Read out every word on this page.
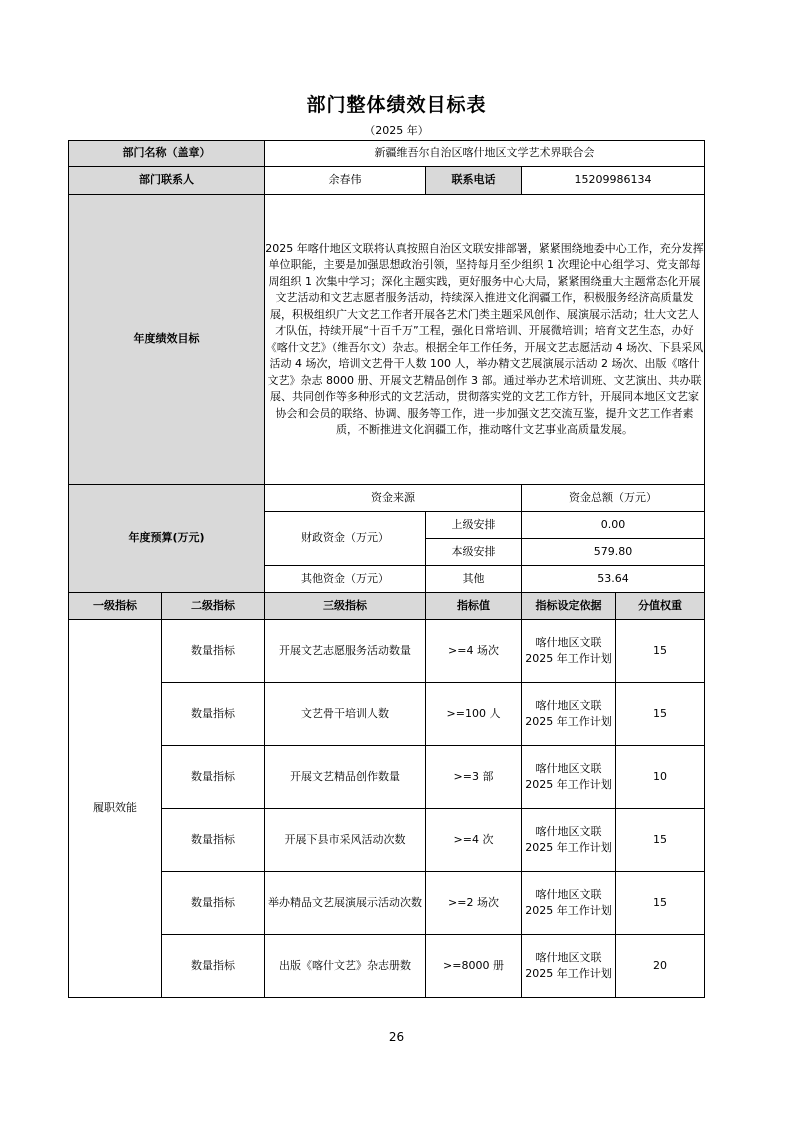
部门整体绩效目标表
（2025 年）
部门名称（盖章）		新疆维吾尔自治区喀什地区文学艺术界联合会			
部门联系人		余春伟	联系电话	15209986134	
年度绩效目标		2025 年喀什地区文联将认真按照自治区文联安排部署，紧紧围绕地委中心工作，充分发挥单位职能，主要是加强思想政治引领，坚持每月至少组织 1 次理论中心组学习、党支部每周组织 1 次集中学习；深化主题实践，更好服务中心大局，紧紧围绕重大主题常态化开展文艺活动和文艺志愿者服务活动，持续深入推进文化润疆工作，积极服务经济高质量发展，积极组织广大文艺工作者开展各艺术门类主题采风创作、展演展示活动；壮大文艺人才队伍，持续开展“十百千万”工程，强化日常培训、开展微培训；培育文艺生态，办好《喀什文艺》（维吾尔文）杂志。根据全年工作任务，开展文艺志愿活动 4 场次、下县采风活动 4 场次，培训文艺骨干人数 100 人，举办精文艺展演展示活动 2 场次、出版《喀什文艺》杂志 8000 册、开展文艺精品创作 3 部。通过举办艺术培训班、文艺演出、共办联展、共同创作等多种形式的文艺活动，贯彻落实党的文艺工作方针，开展同本地区文艺家协会和会员的联络、协调、服务等工作，进一步加强文艺交流互鉴，提升文艺工作者素质，不断推进文化润疆工作，推动喀什文艺事业高质量发展。			
年度预算(万元)		资金来源		资金总额（万元）	
		财政资金（万元）	上级安排	0.00	
			本级安排	579.80	
		其他资金（万元）	其他	53.64	
一级指标	二级指标	三级指标	指标值	指标设定依据	分值权重
履职效能	数量指标	开展文艺志愿服务活动数量	>=4 场次	喀什地区文联 2025 年工作计划	15
	数量指标	文艺骨干培训人数	>=100 人	喀什地区文联 2025 年工作计划	15
	数量指标	开展文艺精品创作数量	>=3 部	喀什地区文联 2025 年工作计划	10
	数量指标	开展下县市采风活动次数	>=4 次	喀什地区文联 2025 年工作计划	15
	数量指标	举办精品文艺展演展示活动次数	>=2 场次	喀什地区文联 2025 年工作计划	15
	数量指标	出版《喀什文艺》杂志册数	>=8000 册	喀什地区文联 2025 年工作计划	20
26
